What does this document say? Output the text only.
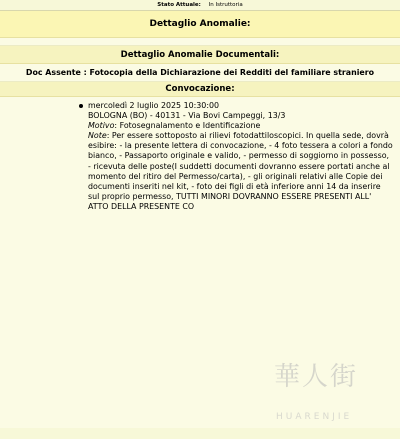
Stato Attuale: In Istruttoria
Dettaglio Anomalie:
Dettaglio Anomalie Documentali:
Doc Assente : Fotocopia della Dichiarazione dei Redditi del familiare straniero
Convocazione:
mercoledì 2 luglio 2025 10:30:00
BOLOGNA (BO) - 40131 - Via Bovi Campeggi, 13/3
Motivo: Fotosegnalamento e Identificazione
Note: Per essere sottoposto ai rilievi fotodattiloscopici. In quella sede, dovrà esibire: - la presente lettera di convocazione, - 4 foto tessera a colori a fondo bianco, - Passaporto originale e valido, - permesso di soggiorno in possesso, - ricevuta delle poste(I suddetti documenti dovranno essere portati anche al momento del ritiro del Permesso/carta), - gli originali relativi alle Copie dei documenti inseriti nel kit, - foto dei figli di età inferiore anni 14 da inserire sul proprio permesso, TUTTI MINORI DOVRANNO ESSERE PRESENTI ALL' ATTO DELLA PRESENTE CO
華人街
HUARENJIE
